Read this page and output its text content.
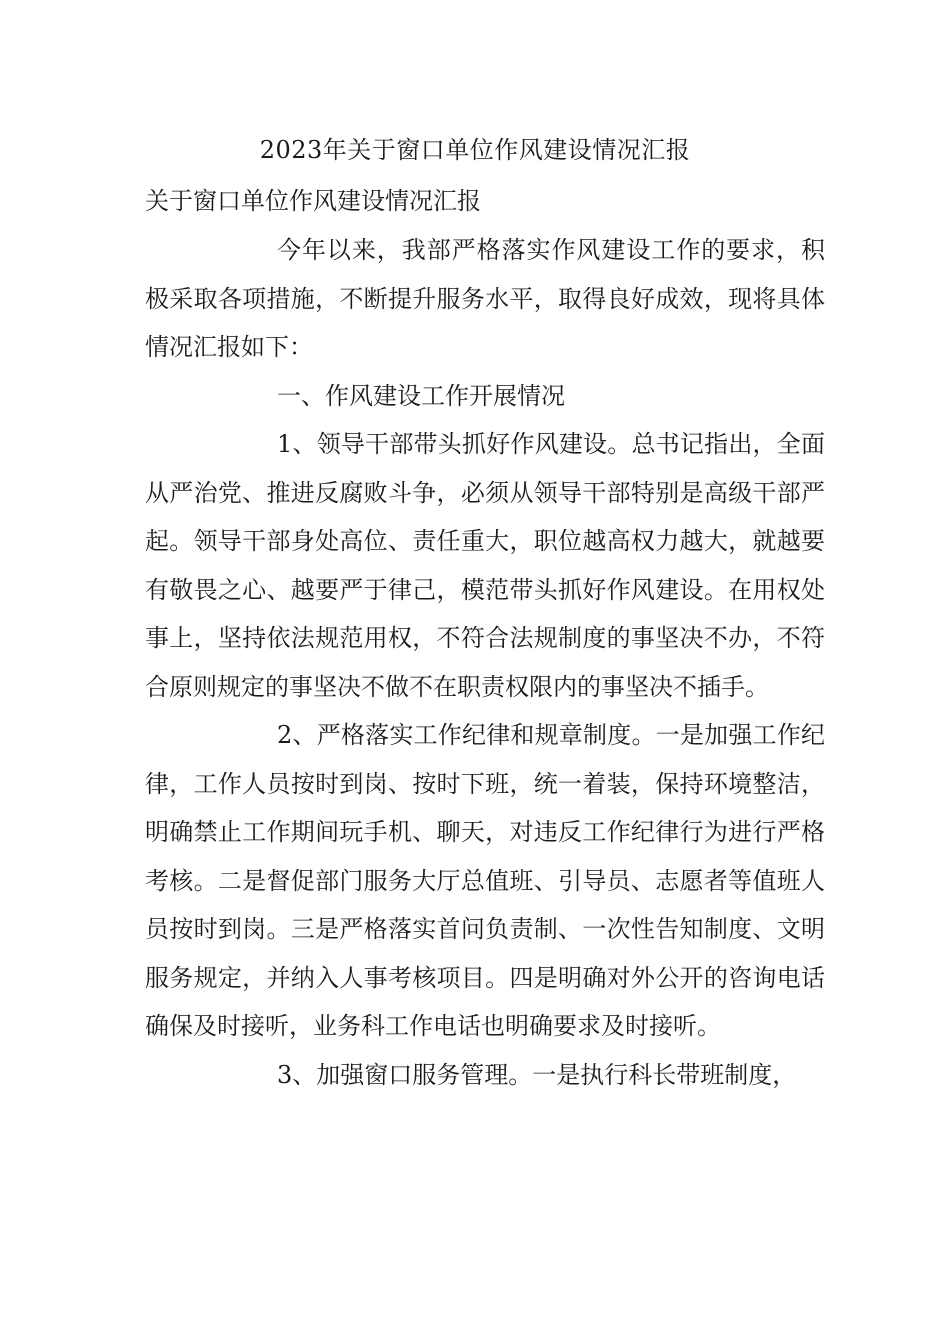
2023年关于窗口单位作风建设情况汇报
关于窗口单位作风建设情况汇报

今年以来，我部严格落实作风建设工作的要求，积极采取各项措施，不断提升服务水平，取得良好成效，现将具体情况汇报如下：

一、作风建设工作开展情况

1、领导干部带头抓好作风建设。总书记指出，全面从严治党、推进反腐败斗争，必须从领导干部特别是高级干部严起。领导干部身处高位、责任重大，职位越高权力越大，就越要有敬畏之心、越要严于律己，模范带头抓好作风建设。在用权处事上，坚持依法规范用权，不符合法规制度的事坚决不办，不符合原则规定的事坚决不做不在职责权限内的事坚决不插手。

2、严格落实工作纪律和规章制度。一是加强工作纪律，工作人员按时到岗、按时下班，统一着装，保持环境整洁，明确禁止工作期间玩手机、聊天，对违反工作纪律行为进行严格考核。二是督促部门服务大厅总值班、引导员、志愿者等值班人员按时到岗。三是严格落实首问负责制、一次性告知制度、文明服务规定，并纳入人事考核项目。四是明确对外公开的咨询电话确保及时接听，业务科工作电话也明确要求及时接听。

3、加强窗口服务管理。一是执行科长带班制度，
